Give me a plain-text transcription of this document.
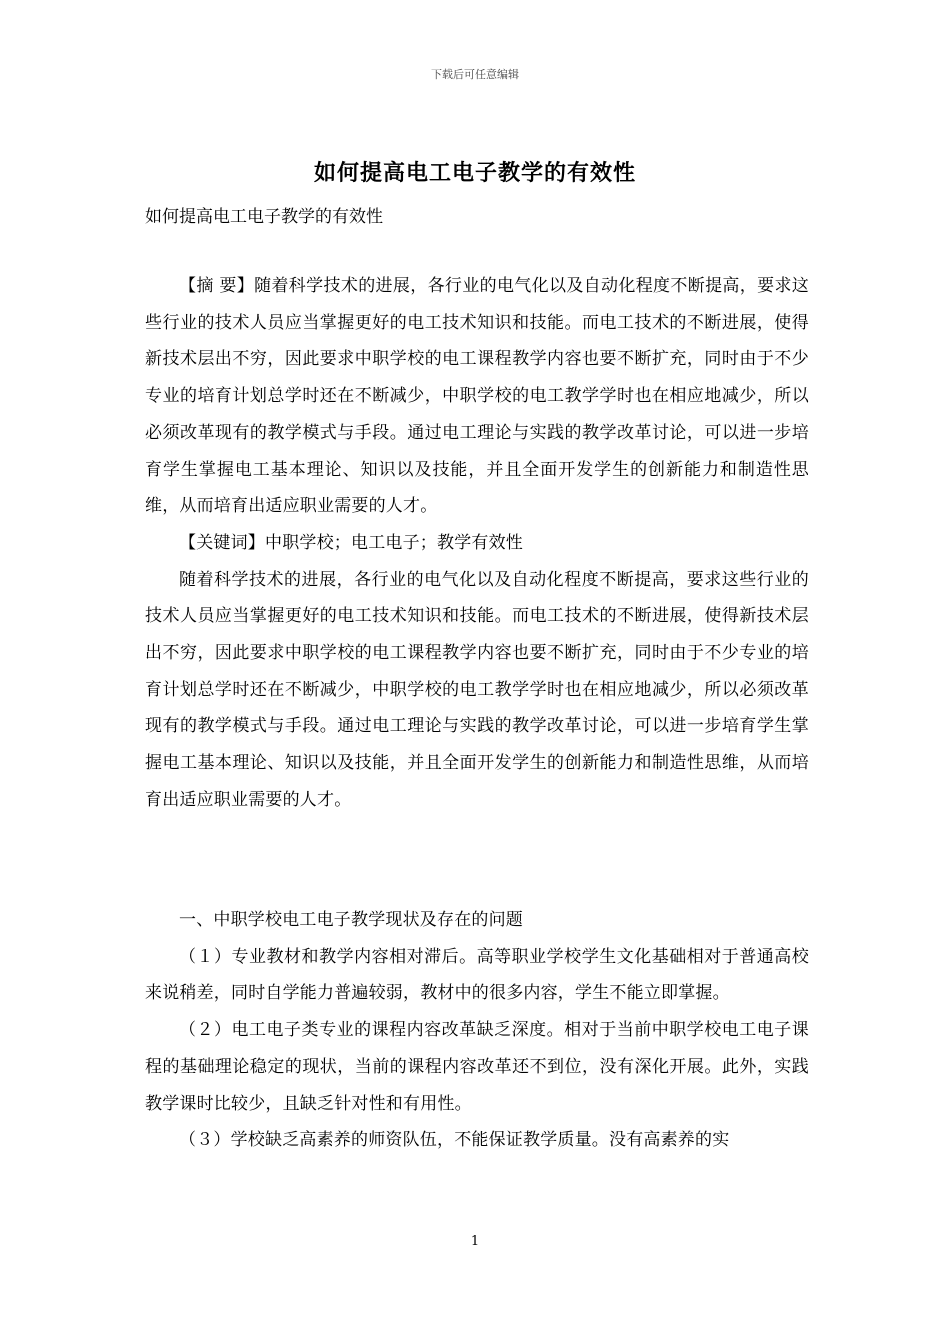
下载后可任意编辑
如何提高电工电子教学的有效性
如何提高电工电子教学的有效性

【摘 要】随着科学技术的进展，各行业的电气化以及自动化程度不断提高，要求这些行业的技术人员应当掌握更好的电工技术知识和技能。而电工技术的不断进展，使得新技术层出不穷，因此要求中职学校的电工课程教学内容也要不断扩充，同时由于不少专业的培育计划总学时还在不断减少，中职学校的电工教学学时也在相应地减少，所以必须改革现有的教学模式与手段。通过电工理论与实践的教学改革讨论，可以进一步培育学生掌握电工基本理论、知识以及技能，并且全面开发学生的创新能力和制造性思维，从而培育出适应职业需要的人才。

【关键词】中职学校；电工电子；教学有效性

随着科学技术的进展，各行业的电气化以及自动化程度不断提高，要求这些行业的技术人员应当掌握更好的电工技术知识和技能。而电工技术的不断进展，使得新技术层出不穷，因此要求中职学校的电工课程教学内容也要不断扩充，同时由于不少专业的培育计划总学时还在不断减少，中职学校的电工教学学时也在相应地减少，所以必须改革现有的教学模式与手段。通过电工理论与实践的教学改革讨论，可以进一步培育学生掌握电工基本理论、知识以及技能，并且全面开发学生的创新能力和制造性思维，从而培育出适应职业需要的人才。

一、中职学校电工电子教学现状及存在的问题

（１）专业教材和教学内容相对滞后。高等职业学校学生文化基础相对于普通高校来说稍差，同时自学能力普遍较弱，教材中的很多内容，学生不能立即掌握。

（２）电工电子类专业的课程内容改革缺乏深度。相对于当前中职学校电工电子课程的基础理论稳定的现状，当前的课程内容改革还不到位，没有深化开展。此外，实践教学课时比较少，且缺乏针对性和有用性。

（３）学校缺乏高素养的师资队伍，不能保证教学质量。没有高素养的实

1
